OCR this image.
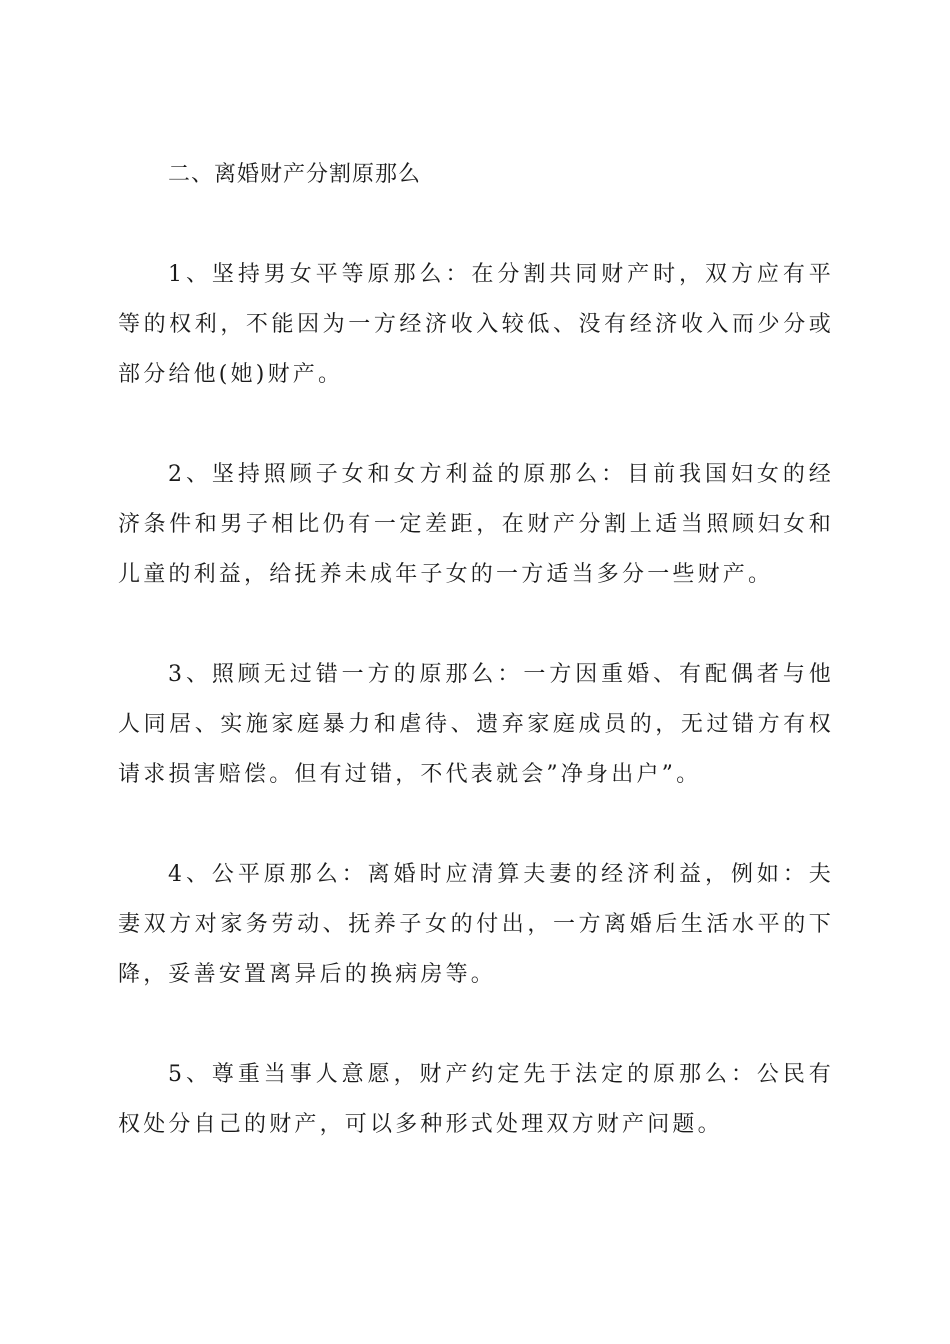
二、离婚财产分割原那么

1、坚持男女平等原那么：在分割共同财产时，双方应有平等的权利，不能因为一方经济收入较低、没有经济收入而少分或部分给他(她)财产。

2、坚持照顾子女和女方利益的原那么：目前我国妇女的经济条件和男子相比仍有一定差距，在财产分割上适当照顾妇女和儿童的利益，给抚养未成年子女的一方适当多分一些财产。

3、照顾无过错一方的原那么：一方因重婚、有配偶者与他人同居、实施家庭暴力和虐待、遗弃家庭成员的，无过错方有权请求损害赔偿。但有过错，不代表就会”净身出户”。

4、公平原那么：离婚时应清算夫妻的经济利益，例如：夫妻双方对家务劳动、抚养子女的付出，一方离婚后生活水平的下降，妥善安置离异后的换病房等。

5、尊重当事人意愿，财产约定先于法定的原那么：公民有权处分自己的财产，可以多种形式处理双方财产问题。
